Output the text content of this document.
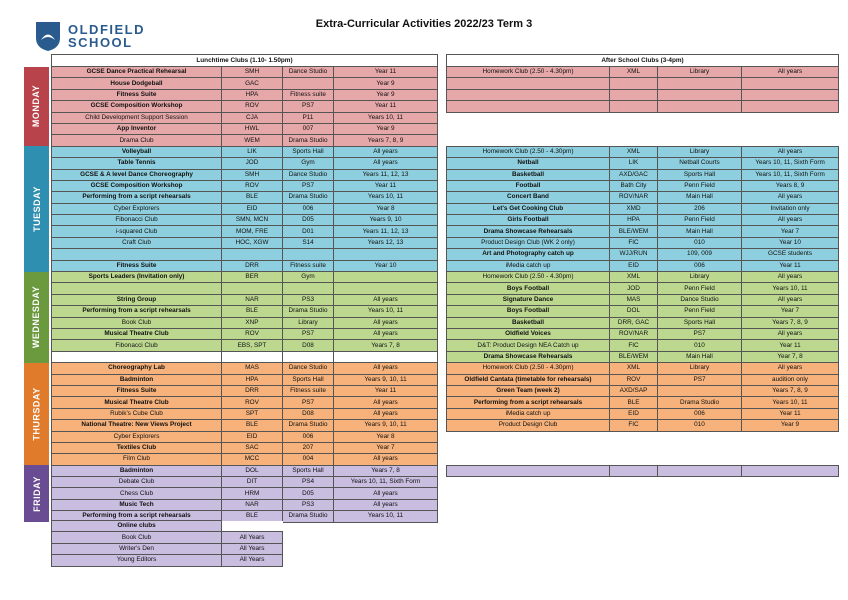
OLDFIELD
SCHOOL
Extra-Curricular Activities 2022/23 Term 3
Lunchtime Clubs (1.10- 1.50pm)					After School Clubs (3-4pm)			
GCSE Dance Practical Rehearsal	SMH	Dance Studio	Year 11		Homework Club (2.50 - 4.30pm)	XML	Library	All years
House Dodgeball	GAC		Year 9					
Fitness Suite	HPA	Fitness suite	Year 9					
GCSE Composition Workshop	ROV	PS7	Year 11					
Child Development Support Session	CJA	P11	Years 10, 11					
App Inventor	HWL	007	Year 9					
Drama Club	WEM	Drama Studio	Years 7, 8, 9					
Volleyball	LIK	Sports Hall	All years		Homework Club (2.50 - 4.30pm)	XML	Library	All years
Table Tennis	JOD	Gym	All years		Netball	LIK	Netball Courts	Years 10, 11, Sixth Form
GCSE & A level Dance Choreography	SMH	Dance Studio	Years 11, 12, 13		Basketball	AXD/GAC	Sports Hall	Years 10, 11, Sixth Form
GCSE Composition Workshop	ROV	PS7	Year 11		Football	Bath City	Penn Field	Years 8, 9
Performing from a script rehearsals	BLE	Drama Studio	Years 10, 11		Concert Band	ROV/NAR	Main Hall	All years
Cyber Explorers	EID	006	Year 8		Let's Get Cooking Club	XMD	206	Invitation only
Fibonacci Club	SMN, MCN	D05	Years 9, 10		Girls Football	HPA	Penn Field	All years
i-squared Club	MOM, FRE	D01	Years 11, 12, 13		Drama Showcase Rehearsals	BLE/WEM	Main Hall	Year 7
Craft Club	HOC, XGW	S14	Years 12, 13		Product Design Club (WK 2 only)	FIC	010	Year 10
					Art and Photography catch up	WJJ/RUN	109, 009	GCSE students
Fitness Suite	DRR	Fitness suite	Year 10		iMedia catch up	EID	006	Year 11
Sports Leaders (Invitation only)	BER	Gym			Homework Club (2.50 - 4.30pm)	XML	Library	All years
					Boys Football	JOD	Penn Field	Years 10, 11
String Group	NAR	PS3	All years		Signature Dance	MAS	Dance Studio	All years
Performing from a script rehearsals	BLE	Drama Studio	Years 10, 11		Boys Football	DOL	Penn Field	Year 7
Book Club	XNP	Library	All years		Basketball	DRR, GAC	Sports Hall	Years 7, 8, 9
Musical Theatre Club	ROV	PS7	All years		Oldfield Voices	ROV/NAR	PS7	All years
Fibonacci Club	EBS, SPT	D08	Years 7, 8		D&T: Product Design NEA Catch up	FIC	010	Year 11
					Drama Showcase Rehearsals	BLE/WEM	Main Hall	Year 7, 8
Choreography Lab	MAS	Dance Studio	All years		Homework Club (2.50 - 4.30pm)	XML	Library	All years
Badminton	HPA	Sports Hall	Years 9, 10, 11		Oldfield Cantata (timetable for rehearsals)	ROV	PS7	audition only
Fitness Suite	DRR	Fitness suite	Year 11		Green Team (week 2)	AXD/SAP		Years 7, 8, 9
Musical Theatre Club	ROV	PS7	All years		Performing from a script rehearsals	BLE	Drama Studio	Years 10, 11
Rubik's Cube Club	SPT	D08	All years		iMedia catch up	EID	006	Year 11
National Theatre: New Views Project	BLE	Drama Studio	Years 9, 10, 11		Product Design Club	FIC	010	Year 9
Cyber Explorers	EID	006	Year 8					
Textiles Club	SAC	207	Year 7					
Film Club	MCC	004	All years					
Badminton	DOL	Sports Hall	Years 7, 8					
Debate Club	DIT	PS4	Years 10, 11, Sixth Form					
Chess Club	HRM	D05	All years					
Music Tech	NAR	PS3	All years					
Performing from a script rehearsals	BLE	Drama Studio	Years 10, 11					
MONDAY
TUESDAY
WEDNESDAY
THURSDAY
FRIDAY
Online clubs	
Book Club	All Years
Writer's Den	All Years
Young Editors	All Years
